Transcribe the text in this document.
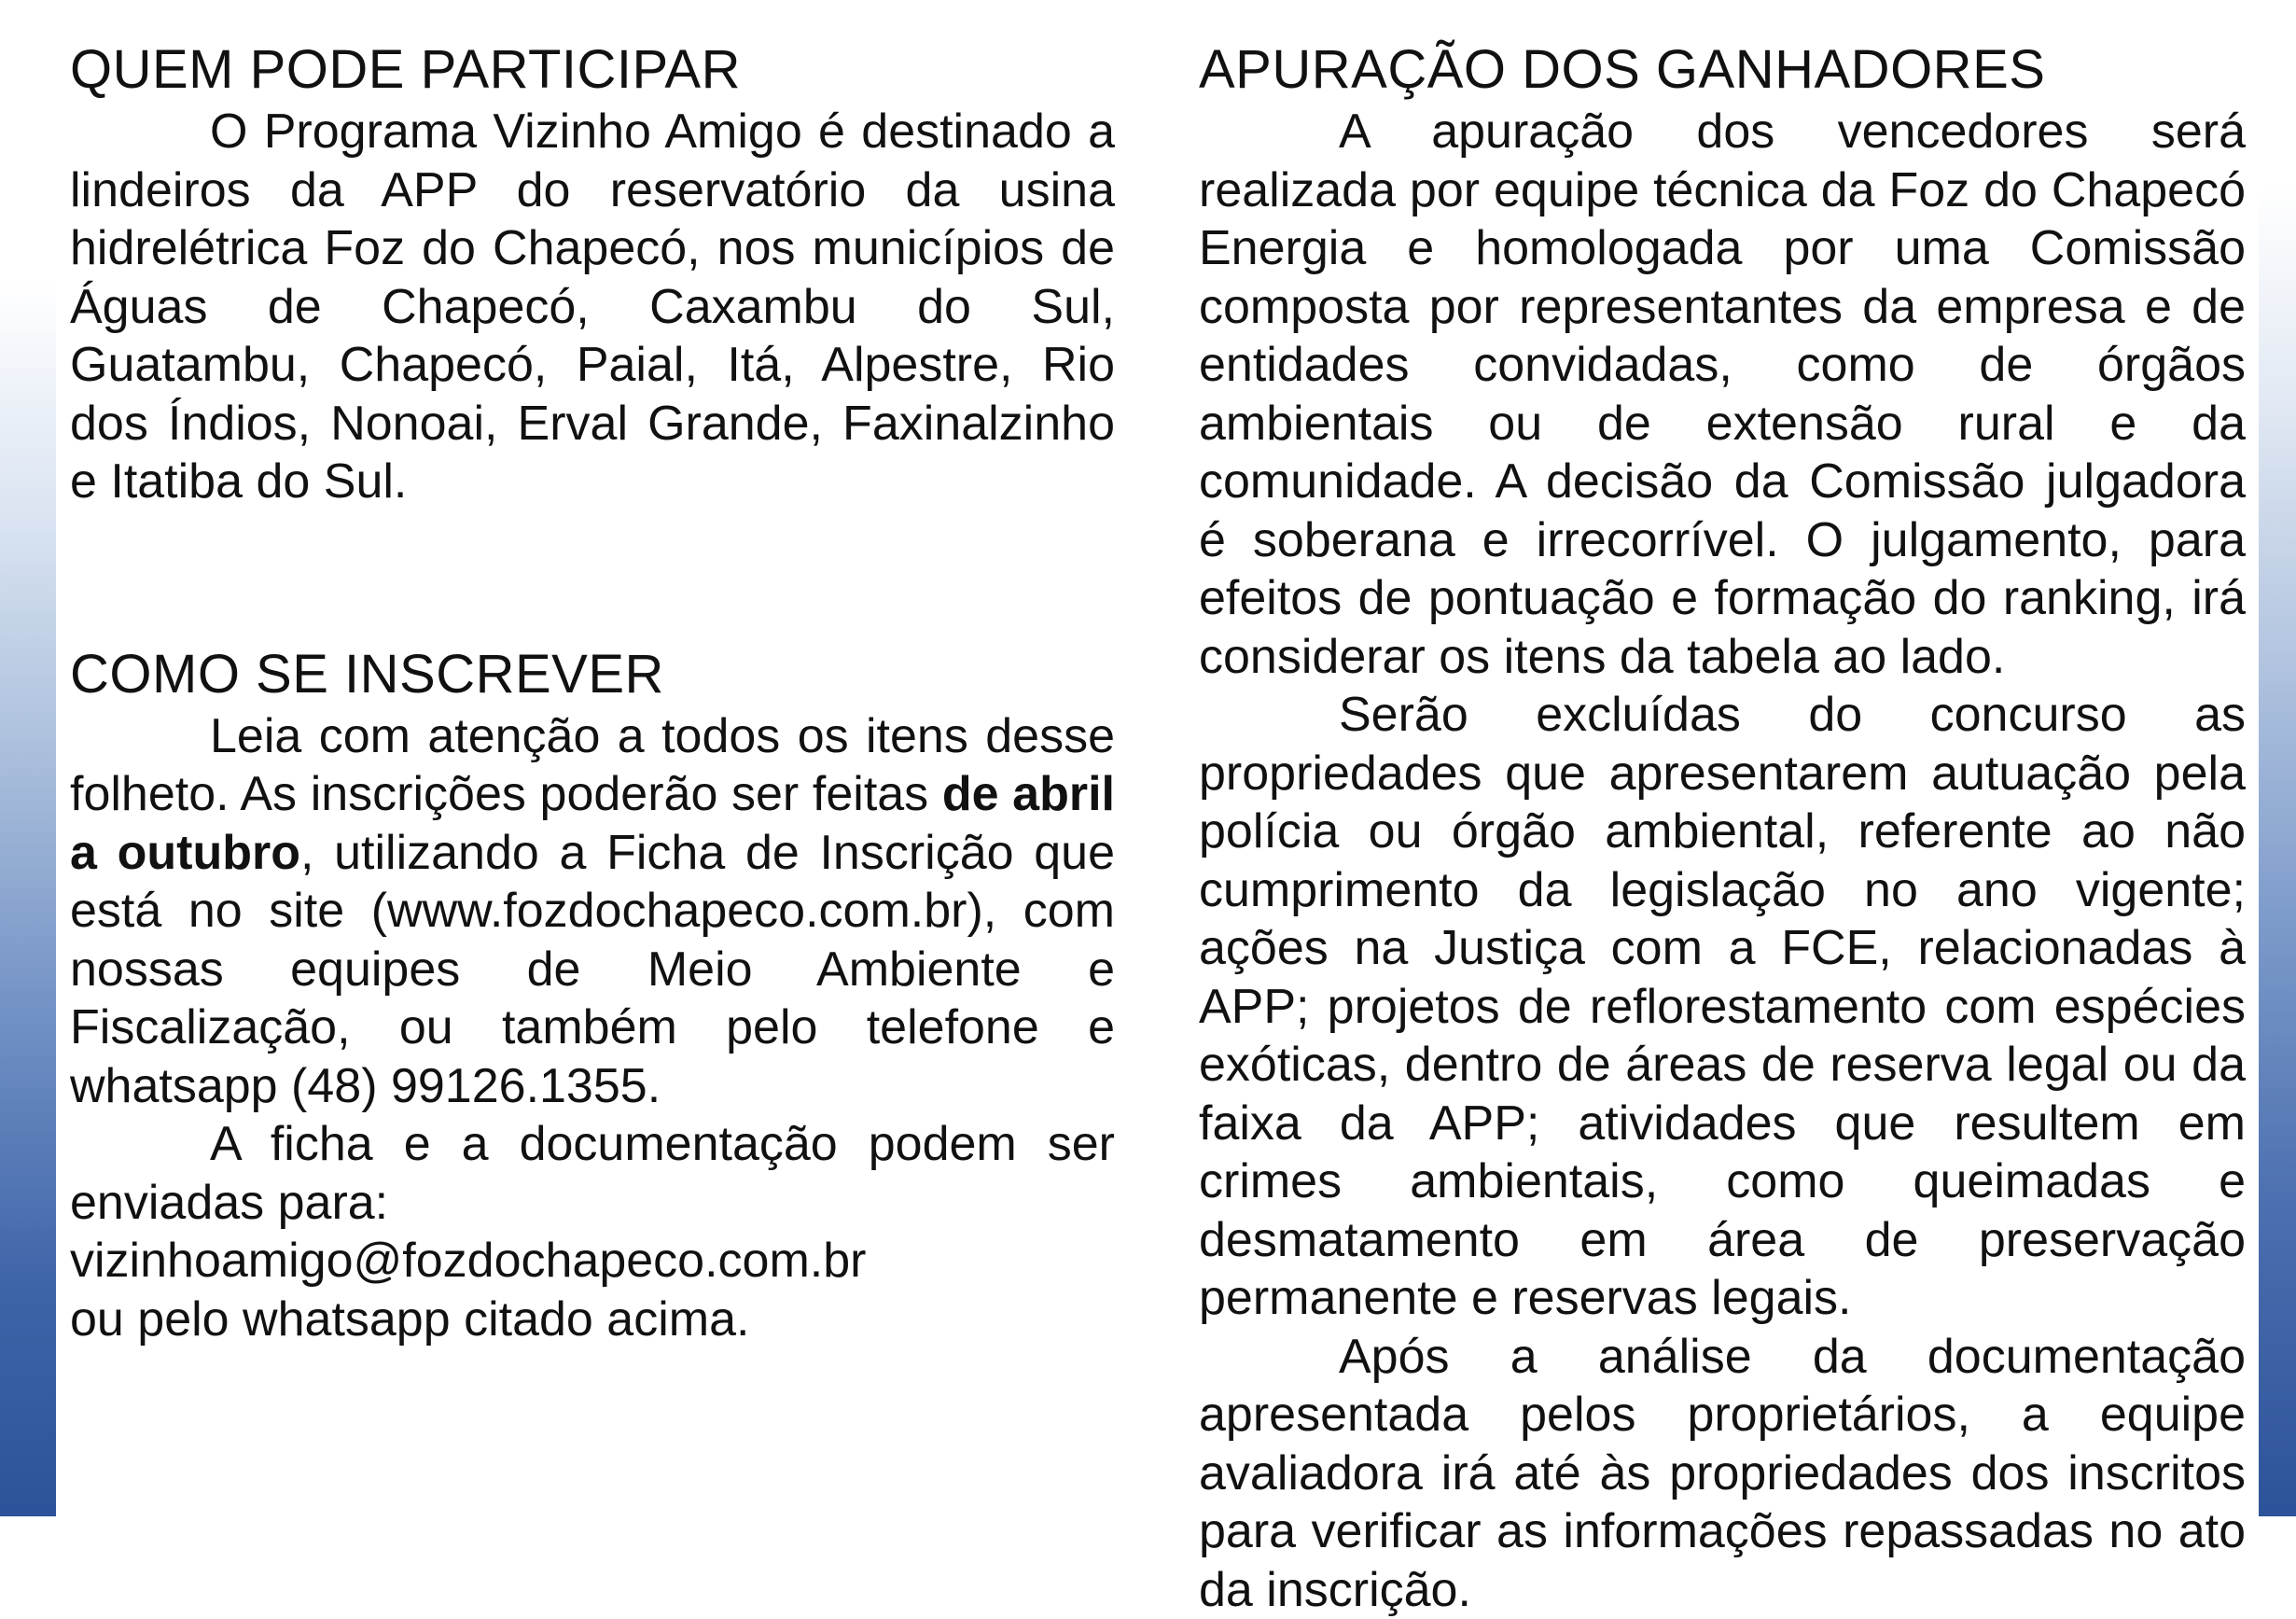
QUEM PODE PARTICIPAR

O Programa Vizinho Amigo é destinado a lindeiros da APP do reservatório da usina hidrelétrica Foz do Chapecó, nos municípios de Águas de Chapecó, Caxambu do Sul, Guatambu, Chapecó, Paial, Itá, Alpestre, Rio dos Índios, Nonoai, Erval Grande, Faxinalzinho e Itatiba do Sul.

COMO SE INSCREVER

Leia com atenção a todos os itens desse folheto. As inscrições poderão ser feitas de abril a outubro, utilizando a Ficha de Inscrição que está no site (www.fozdochapeco.com.br), com nossas equipes de Meio Ambiente e Fiscalização, ou também pelo telefone e whatsapp (48) 99126.1355.

A ficha e a documentação podem ser enviadas para:

vizinhoamigo@fozdochapeco.com.br

ou pelo whatsapp citado acima.

APURAÇÃO DOS GANHADORES

A apuração dos vencedores será realizada por equipe técnica da Foz do Chapecó Energia e homologada por uma Comissão composta por representantes da empresa e de entidades convidadas, como de órgãos ambientais ou de extensão rural e da comunidade. A decisão da Comissão julgadora é soberana e irrecorrível. O julgamento, para efeitos de pontuação e formação do ranking, irá considerar os itens da tabela ao lado.

Serão excluídas do concurso as propriedades que apresentarem autuação pela polícia ou órgão ambiental, referente ao não cumprimento da legislação no ano vigente; ações na Justiça com a FCE, relacionadas à APP; projetos de reflorestamento com espécies exóticas, dentro de áreas de reserva legal ou da faixa da APP; atividades que resultem em crimes ambientais, como queimadas e desmatamento em área de preservação permanente e reservas legais.

Após a análise da documentação apresentada pelos proprietários, a equipe avaliadora irá até às propriedades dos inscritos para verificar as informações repassadas no ato da inscrição.
